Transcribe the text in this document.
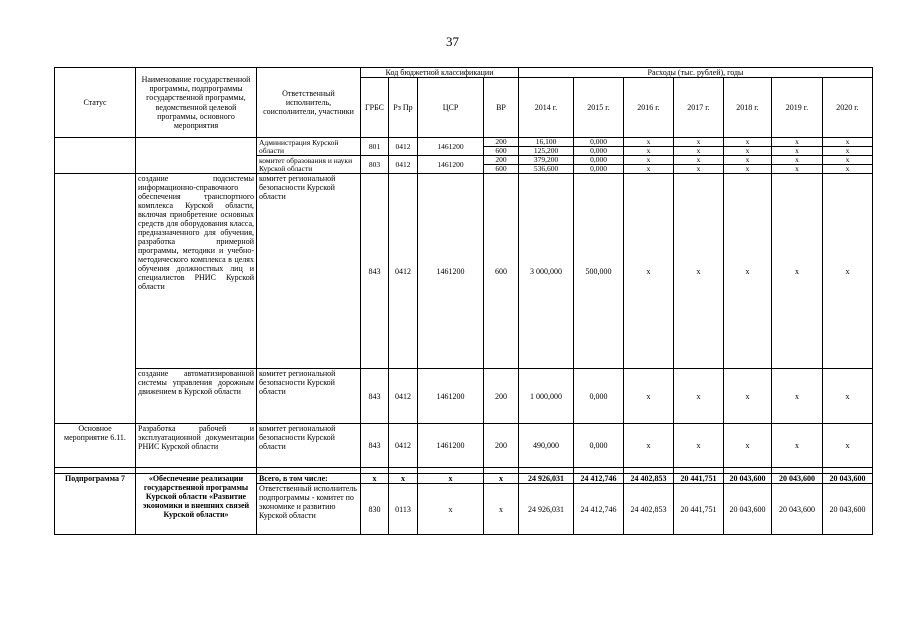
37
Статус	Наименование государственной программы, подпрограммы государственной программы, ведомственной целевой программы, основного мероприятия	Ответственный исполнитель, соисполнители, участники	Код бюджетной классификации				Расходы (тыс. рублей), годы						
			ГРБС	Рз Пр	ЦСР	ВР	2014 г.	2015 г.	2016 г.	2017 г.	2018 г.	2019 г.	2020 г.
		Администрация Курской области	801	0412	1461200	200	16,100	0,000	x	x	x	x	x
						600	125,200	0,000	x	x	x	x	x
		комитет образования и науки Курской области	803	0412	1461200	200	379,200	0,000	x	x	x	x	x
						600	536,600	0,000	x	x	x	x	x
	создание подсистемы информационно-справочного обеспечения транспортного комплекса Курской области, включая приобретение основных средств для оборудования класса, предназначенного для обучения, разработка примерной программы, методики и учебно-методического комплекса в целях обучения должностных лиц и специалистов РНИС Курской области	комитет региональной безопасности Курской области	843	0412	1461200	600	3 000,000	500,000	x	x	x	x	x
	создание автоматизированной системы управления дорожным движением в Курской области	комитет региональной безопасности Курской области	843	0412	1461200	200	1 000,000	0,000	x	x	x	x	x
Основное мероприятие 6.11.	Разработка рабочей и эксплуатационной документации РНИС Курской области	комитет региональной безопасности Курской области	843	0412	1461200	200	490,000	0,000	x	x	x	x	x

Подпрограмма 7	«Обеспечение реализации государственной программы Курской области «Развитие экономики и внешних связей Курской области»	Всего, в том числе:	x	x	x	x	24 926,031	24 412,746	24 402,853	20 441,751	20 043,600	20 043,600	20 043,600
		Ответственный исполнитель подпрограммы - комитет по экономике и развитию Курской области	830	0113	x	x	24 926,031	24 412,746	24 402,853	20 441,751	20 043,600	20 043,600	20 043,600
